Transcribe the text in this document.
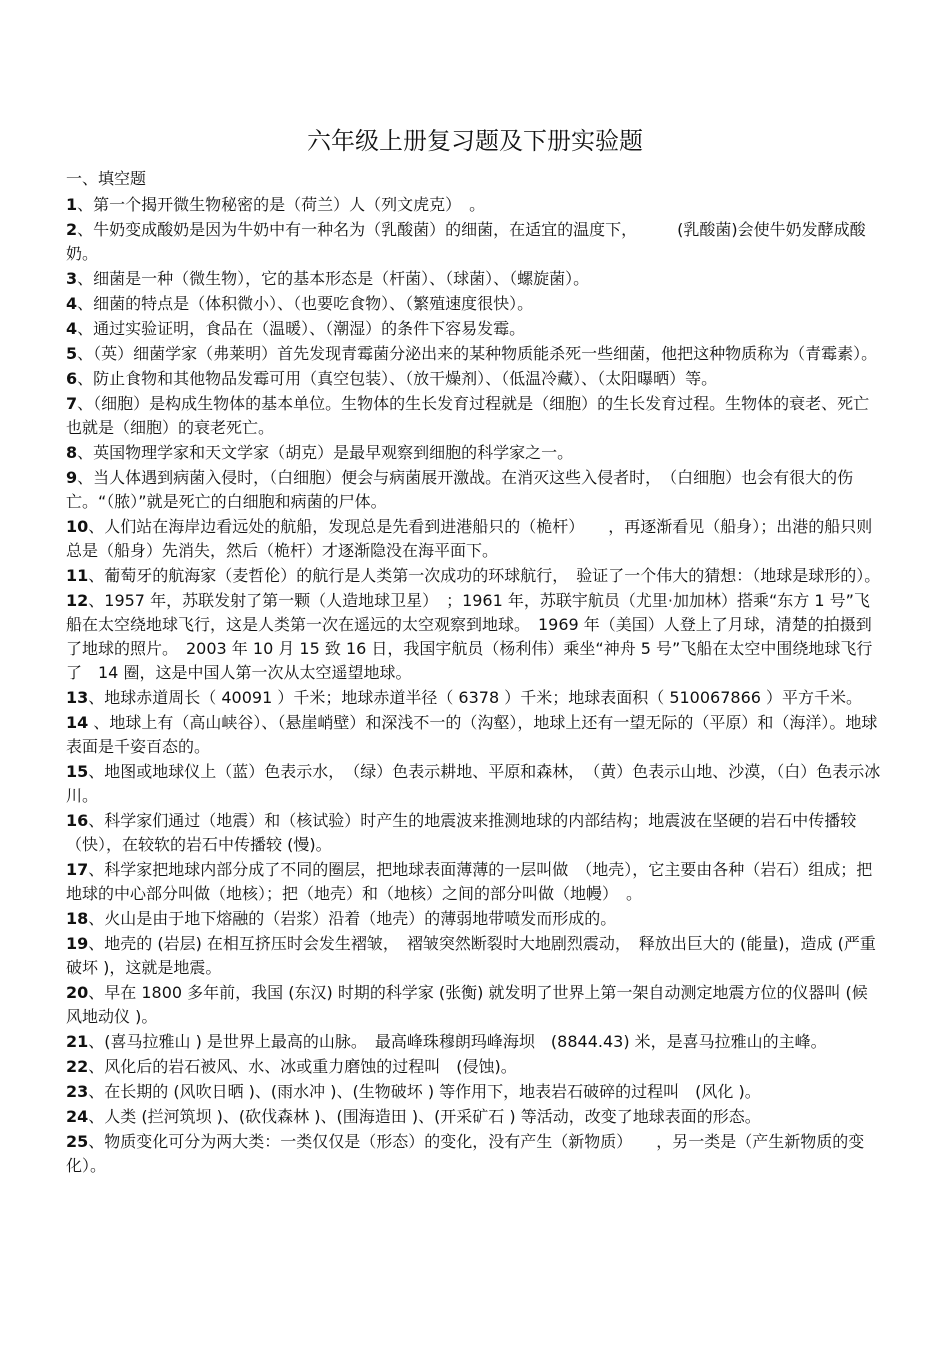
六年级上册复习题及下册实验题
一、填空题
1、第一个揭开微生物秘密的是（荷兰）人（列文虎克）　。
2、牛奶变成酸奶是因为牛奶中有一种名为（乳酸菌）的细菌，在适宜的温度下，　　　(乳酸菌)会使牛奶发酵成酸奶。
3、细菌是一种（微生物），它的基本形态是（杆菌）、（球菌）、（螺旋菌）。
4、细菌的特点是（体积微小）、（也要吃食物）、（繁殖速度很快）。
4、通过实验证明，食品在（温暖）、（潮湿）的条件下容易发霉。
5、（英）细菌学家（弗莱明）首先发现青霉菌分泌出来的某种物质能杀死一些细菌，他把这种物质称为（青霉素）。
6、防止食物和其他物品发霉可用（真空包装）、（放干燥剂）、（低温冷藏）、（太阳曝晒）等。
7、（细胞）是构成生物体的基本单位。生物体的生长发育过程就是（细胞）的生长发育过程。生物体的衰老、死亡也就是（细胞）的衰老死亡。
8、英国物理学家和天文学家（胡克）是最早观察到细胞的科学家之一。
9、当人体遇到病菌入侵时，（白细胞）便会与病菌展开激战。在消灭这些入侵者时，　（白细胞）也会有很大的伤亡。“（脓）”就是死亡的白细胞和病菌的尸体。
10、人们站在海岸边看远处的航船，发现总是先看到进港船只的（桅杆）　　，再逐渐看见（船身）；出港的船只则总是（船身）先消失，然后（桅杆）才逐渐隐没在海平面下。
11、葡萄牙的航海家（麦哲伦）的航行是人类第一次成功的环球航行，　验证了一个伟大的猜想：（地球是球形的）。
12、1957 年，苏联发射了第一颗（人造地球卫星）　；1961 年，苏联宇航员（尤里·加加林）搭乘“东方 1 号”飞船在太空绕地球飞行，这是人类第一次在遥远的太空观察到地球。　1969 年（美国）人登上了月球，清楚的拍摄到了地球的照片。　2003 年 10 月 15 致 16 日，我国宇航员（杨利伟）乘坐“神舟 5 号”飞船在太空中围绕地球飞行了　14 圈，这是中国人第一次从太空遥望地球。
13、地球赤道周长（ 40091 ）千米；地球赤道半径（ 6378 ）千米；地球表面积（ 510067866 ）平方千米。
14 、地球上有（高山峡谷）、（悬崖峭壁）和深浅不一的（沟壑），地球上还有一望无际的（平原）和（海洋）。地球表面是千姿百态的。
15、地图或地球仪上（蓝）色表示水，　（绿）色表示耕地、平原和森林，　（黄）色表示山地、沙漠，（白）色表示冰川。
16、科学家们通过（地震）和（核试验）时产生的地震波来推测地球的内部结构；地震波在坚硬的岩石中传播较（快），在较软的岩石中传播较 (慢)。
17、科学家把地球内部分成了不同的圈层，把地球表面薄薄的一层叫做　（地壳），它主要由各种（岩石）组成；把地球的中心部分叫做（地核）；把（地壳）和（地核）之间的部分叫做（地幔）　。
18、火山是由于地下熔融的（岩浆）沿着（地壳）的薄弱地带喷发而形成的。
19、地壳的 (岩层) 在相互挤压时会发生褶皱，　褶皱突然断裂时大地剧烈震动，　释放出巨大的 (能量)，造成 (严重破坏 )，这就是地震。
20、早在 1800 多年前，我国 (东汉) 时期的科学家 (张衡) 就发明了世界上第一架自动测定地震方位的仪器叫 (候风地动仪 )。
21、(喜马拉雅山 ) 是世界上最高的山脉。　最高峰珠穆朗玛峰海坝　(8844.43) 米，是喜马拉雅山的主峰。
22、风化后的岩石被风、水、冰或重力磨蚀的过程叫　(侵蚀)。
23、在长期的 (风吹日晒 )、(雨水冲 )、(生物破坏 ) 等作用下，地表岩石破碎的过程叫　(风化 )。
24、人类 (拦河筑坝 )、(砍伐森林 )、(围海造田 )、(开采矿石 ) 等活动，改变了地球表面的形态。
25、物质变化可分为两大类：一类仅仅是（形态）的变化，没有产生（新物质）　　，另一类是（产生新物质的变化）。
